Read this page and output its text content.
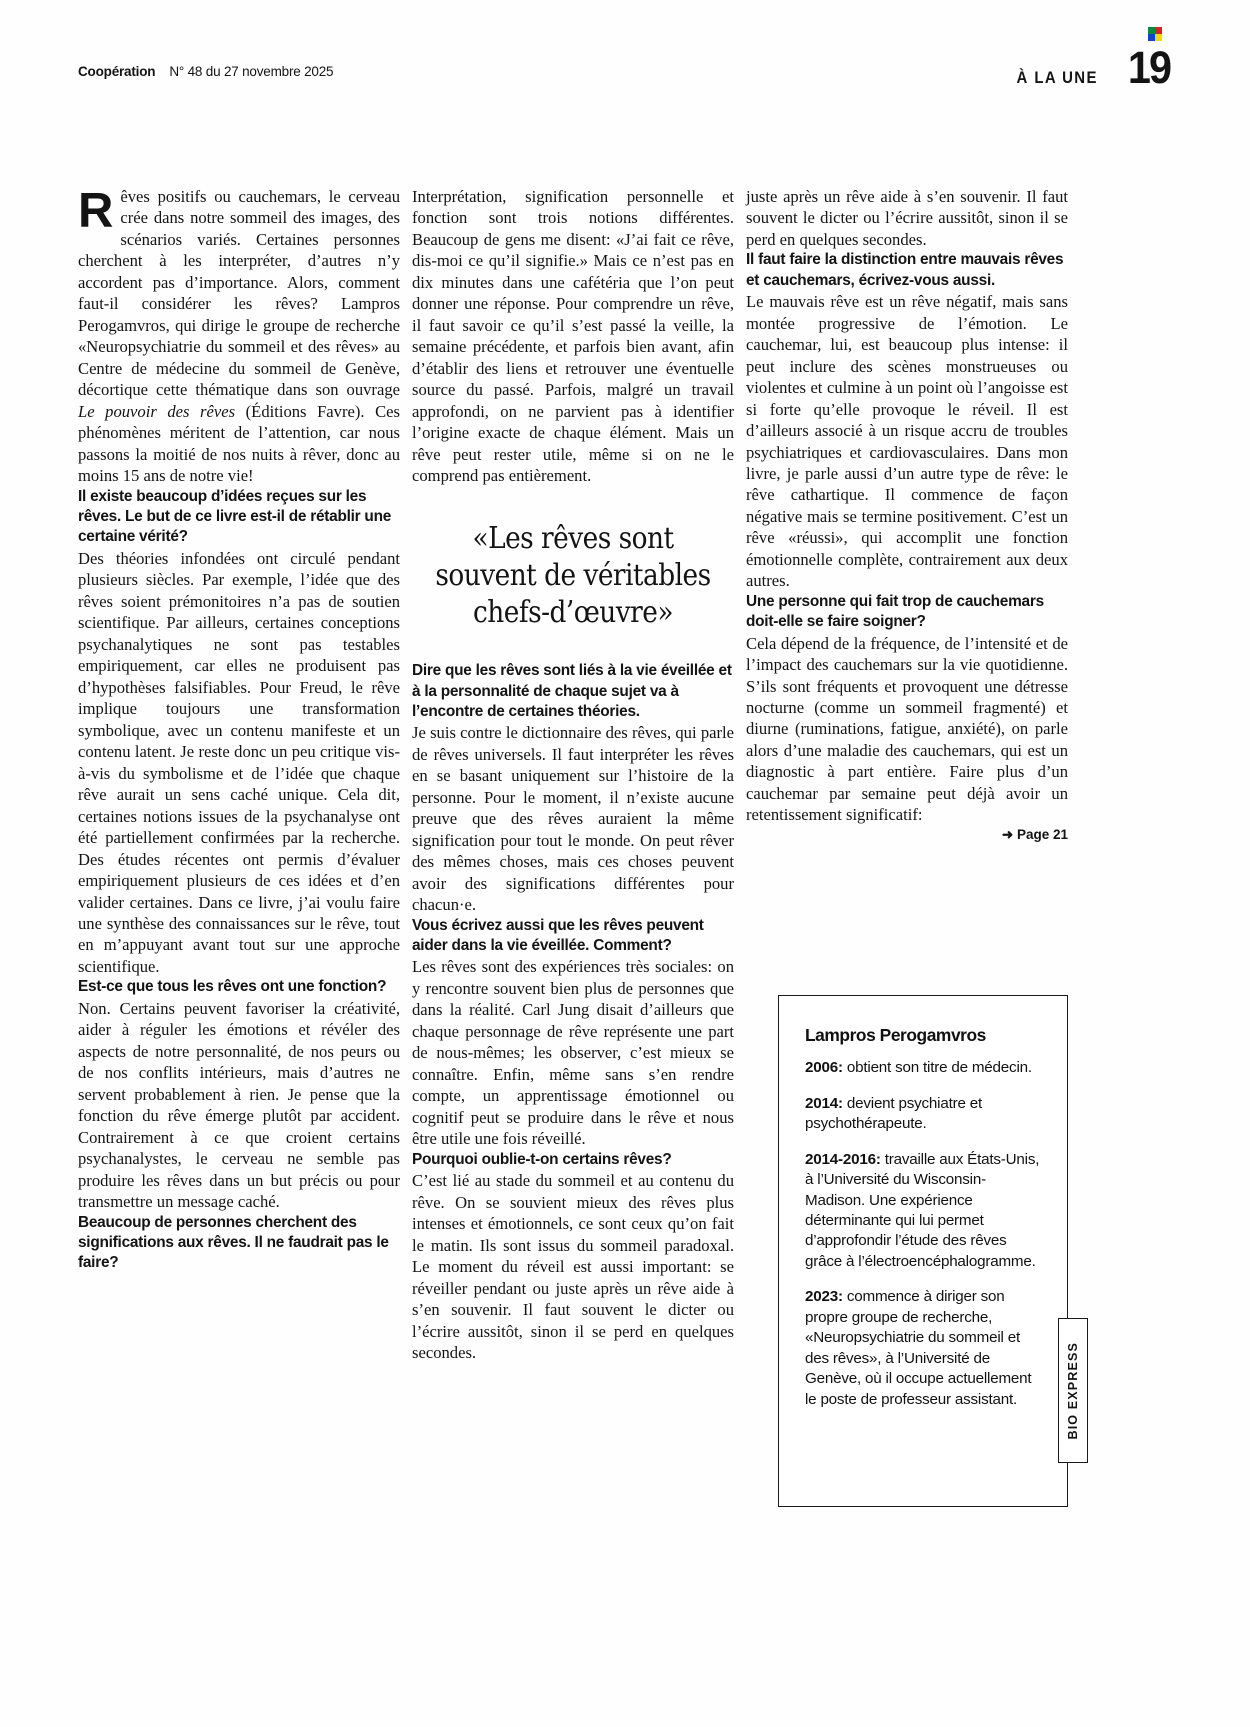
Coopération N° 48 du 27 novembre 2025	À LA UNE 19

Rêves positifs ou cauchemars, le cerveau crée dans notre sommeil des images, des scénarios variés. Certaines personnes cherchent à les interpréter, d’autres n’y accordent pas d’importance. Alors, comment faut-il considérer les rêves? Lampros Perogamvros, qui dirige le groupe de recherche «Neuropsychiatrie du sommeil et des rêves» au Centre de médecine du sommeil de Genève, décortique cette thématique dans son ouvrage Le pouvoir des rêves (Éditions Favre). Ces phénomènes méritent de l’attention, car nous passons la moitié de nos nuits à rêver, donc au moins 15 ans de notre vie!

Il existe beaucoup d’idées reçues sur les rêves. Le but de ce livre est-il de rétablir une certaine vérité?

Des théories infondées ont circulé pendant plusieurs siècles. Par exemple, l’idée que des rêves soient prémonitoires n’a pas de soutien scientifique. Par ailleurs, certaines conceptions psychanalytiques ne sont pas testables empiriquement, car elles ne produisent pas d’hypothèses falsifiables. Pour Freud, le rêve implique toujours une transformation symbolique, avec un contenu manifeste et un contenu latent. Je reste donc un peu critique vis-à-vis du symbolisme et de l’idée que chaque rêve aurait un sens caché unique. Cela dit, certaines notions issues de la psychanalyse ont été partiellement confirmées par la recherche. Des études récentes ont permis d’évaluer empiriquement plusieurs de ces idées et d’en valider certaines. Dans ce livre, j’ai voulu faire une synthèse des connaissances sur le rêve, tout en m’appuyant avant tout sur une approche scientifique.

Est-ce que tous les rêves ont une fonction?

Non. Certains peuvent favoriser la créativité, aider à réguler les émotions et révéler des aspects de notre personnalité, de nos peurs ou de nos conflits intérieurs, mais d’autres ne servent probablement à rien. Je pense que la fonction du rêve émerge plutôt par accident. Contrairement à ce que croient certains psychanalystes, le cerveau ne semble pas produire les rêves dans un but précis ou pour transmettre un message caché.

Beaucoup de personnes cherchent des significations aux rêves. Il ne faudrait pas le faire?

Interprétation, signification personnelle et fonction sont trois notions différentes. Beaucoup de gens me disent: «J’ai fait ce rêve, dis-moi ce qu’il signifie.» Mais ce n’est pas en dix minutes dans une cafétéria que l’on peut donner une réponse. Pour comprendre un rêve, il faut savoir ce qu’il s’est passé la veille, la semaine précédente, et parfois bien avant, afin d’établir des liens et retrouver une éventuelle source du passé. Parfois, malgré un travail approfondi, on ne parvient pas à identifier l’origine exacte de chaque élément. Mais un rêve peut rester utile, même si on ne le comprend pas entièrement.

«Les rêves sont souvent de véritables chefs-d’œuvre»

Dire que les rêves sont liés à la vie éveillée et à la personnalité de chaque sujet va à l’encontre de certaines théories.

Je suis contre le dictionnaire des rêves, qui parle de rêves universels. Il faut interpréter les rêves en se basant uniquement sur l’histoire de la personne. Pour le moment, il n’existe aucune preuve que des rêves auraient la même signification pour tout le monde. On peut rêver des mêmes choses, mais ces choses peuvent avoir des significations différentes pour chacun·e.

Vous écrivez aussi que les rêves peuvent aider dans la vie éveillée. Comment?

Les rêves sont des expériences très sociales: on y rencontre souvent bien plus de personnes que dans la réalité. Carl Jung disait d’ailleurs que chaque personnage de rêve représente une part de nous-mêmes; les observer, c’est mieux se connaître. Enfin, même sans s’en rendre compte, un apprentissage émotionnel ou cognitif peut se produire dans le rêve et nous être utile une fois réveillé.

Pourquoi oublie-t-on certains rêves?

C’est lié au stade du sommeil et au contenu du rêve. On se souvient mieux des rêves plus intenses et émotionnels, ce sont ceux qu’on fait le matin. Ils sont issus du sommeil paradoxal. Le moment du réveil est aussi important: se réveiller pendant ou juste après un rêve aide à s’en souvenir. Il faut souvent le dicter ou l’écrire aussitôt, sinon il se perd en quelques secondes.

juste après un rêve aide à s’en souvenir. Il faut souvent le dicter ou l’écrire aussitôt, sinon il se perd en quelques secondes.

Il faut faire la distinction entre mauvais rêves et cauchemars, écrivez-vous aussi.

Le mauvais rêve est un rêve négatif, mais sans montée progressive de l’émotion. Le cauchemar, lui, est beaucoup plus intense: il peut inclure des scènes monstrueuses ou violentes et culmine à un point où l’angoisse est si forte qu’elle provoque le réveil. Il est d’ailleurs associé à un risque accru de troubles psychiatriques et cardiovasculaires. Dans mon livre, je parle aussi d’un autre type de rêve: le rêve cathartique. Il commence de façon négative mais se termine positivement. C’est un rêve «réussi», qui accomplit une fonction émotionnelle complète, contrairement aux deux autres.

Une personne qui fait trop de cauchemars doit-elle se faire soigner?

Cela dépend de la fréquence, de l’intensité et de l’impact des cauchemars sur la vie quotidienne. S’ils sont fréquents et provoquent une détresse nocturne (comme un sommeil fragmenté) et diurne (ruminations, fatigue, anxiété), on parle alors d’une maladie des cauchemars, qui est un diagnostic à part entière. Faire plus d’un cauchemar par semaine peut déjà avoir un retentissement significatif:

➜ Page 21

Lampros Perogamvros

2006: obtient son titre de médecin.

2014: devient psychiatre et psychothérapeute.

2014-2016: travaille aux États-Unis, à l’Université du Wisconsin-Madison. Une expérience déterminante qui lui permet d’approfondir l’étude des rêves grâce à l’électroencéphalogramme.

2023: commence à diriger son propre groupe de recherche, «Neuropsychiatrie du sommeil et des rêves», à l’Université de Genève, où il occupe actuellement le poste de professeur assistant.	BIO EXPRESS
